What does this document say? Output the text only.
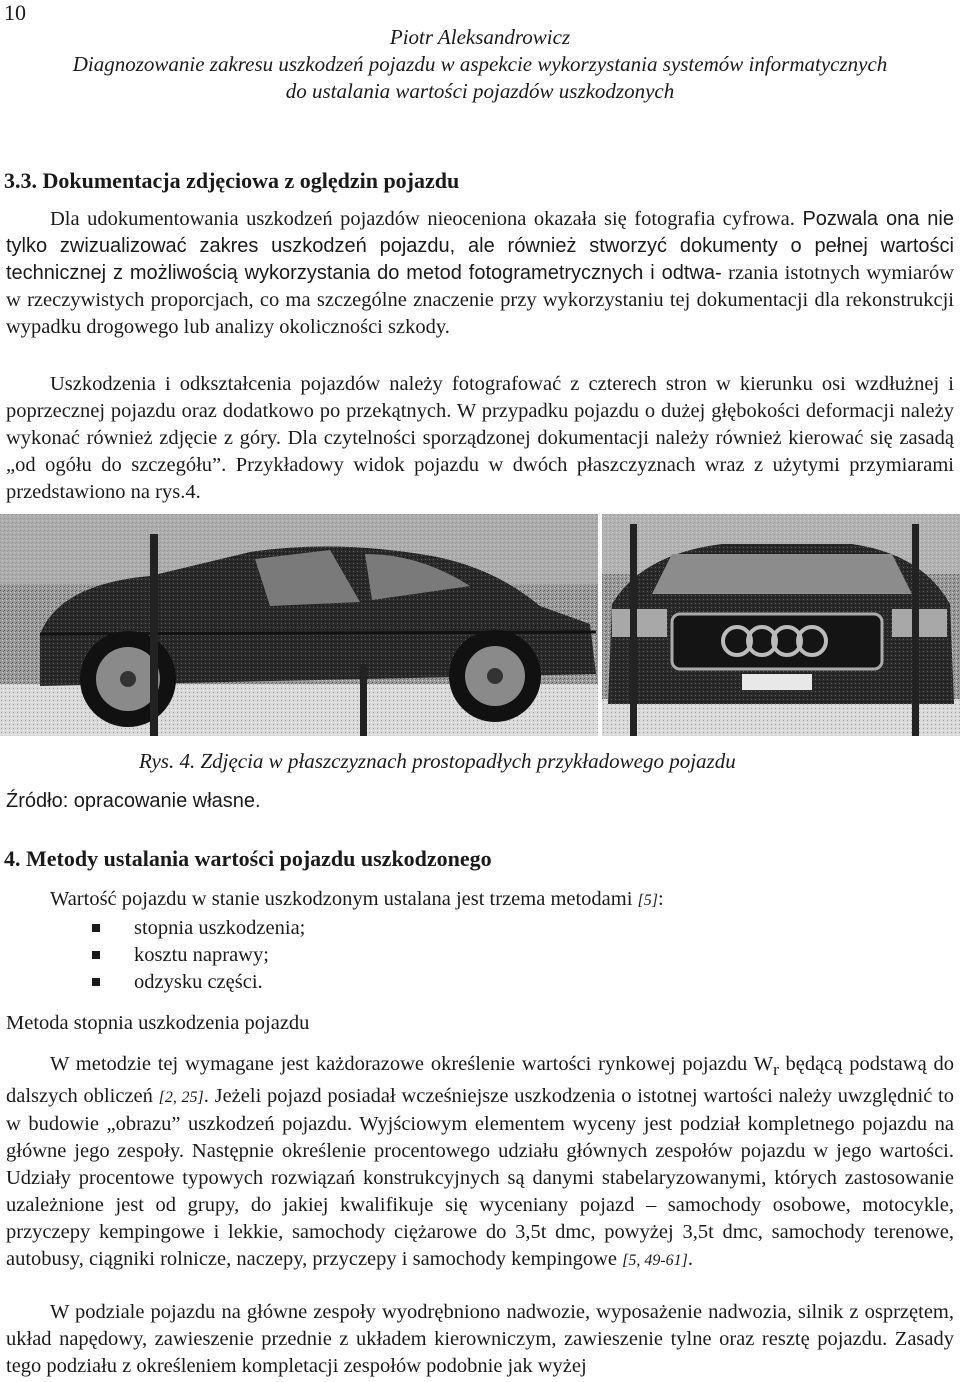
10
Piotr Aleksandrowicz
Diagnozowanie zakresu uszkodzeń pojazdu w aspekcie wykorzystania systemów informatycznych
do ustalania wartości pojazdów uszkodzonych
3.3. Dokumentacja zdjęciowa z oględzin pojazdu

Dla udokumentowania uszkodzeń pojazdów nieoceniona okazała się fotografia cyfrowa. Pozwala ona nie tylko zwizualizować zakres uszkodzeń pojazdu, ale również stworzyć dokumenty o pełnej wartości technicznej z możliwością wykorzystania do metod fotogrametrycznych i odtwa- rzania istotnych wymiarów w rzeczywistych proporcjach, co ma szczególne znaczenie przy wykorzystaniu tej dokumentacji dla rekonstrukcji wypadku drogowego lub analizy okoliczności szkody.

Uszkodzenia i odkształcenia pojazdów należy fotografować z czterech stron w kierunku osi wzdłużnej i poprzecznej pojazdu oraz dodatkowo po przekątnych. W przypadku pojazdu o dużej głębokości deformacji należy wykonać również zdjęcie z góry. Dla czytelności sporządzonej dokumentacji należy również kierować się zasadą „od ogółu do szczegółu”. Przykładowy widok pojazdu w dwóch płaszczyznach wraz z użytymi przymiarami przedstawiono na rys.4.

Rys. 4. Zdjęcia w płaszczyznach prostopadłych przykładowego pojazdu
Źródło: opracowanie własne.
4. Metody ustalania wartości pojazdu uszkodzonego

Wartość pojazdu w stanie uszkodzonym ustalana jest trzema metodami [5]:

stopnia uszkodzenia;
kosztu naprawy;
odzysku części.
Metoda stopnia uszkodzenia pojazdu

W metodzie tej wymagane jest każdorazowe określenie wartości rynkowej pojazdu $W_r$ będącą podstawą do dalszych obliczeń [2, 25]. Jeżeli pojazd posiadał wcześniejsze uszkodzenia o istotnej wartości należy uwzględnić to w budowie „obrazu” uszkodzeń pojazdu. Wyjściowym elementem wyceny jest podział kompletnego pojazdu na główne jego zespoły. Następnie określenie procentowego udziału głównych zespołów pojazdu w jego wartości. Udziały procentowe typowych rozwiązań konstrukcyjnych są danymi stabelaryzowanymi, których zastosowanie uzależnione jest od grupy, do jakiej kwalifikuje się wyceniany pojazd – samochody osobowe, motocykle, przyczepy kempingowe i lekkie, samochody ciężarowe do 3,5t dmc, powyżej 3,5t dmc, samochody terenowe, autobusy, ciągniki rolnicze, naczepy, przyczepy i samochody kempingowe [5, 49-61].

W podziale pojazdu na główne zespoły wyodrębniono nadwozie, wyposażenie nadwozia, silnik z osprzętem, układ napędowy, zawieszenie przednie z układem kierowniczym, zawieszenie tylne oraz resztę pojazdu. Zasady tego podziału z określeniem kompletacji zespołów podobnie jak wyżej
